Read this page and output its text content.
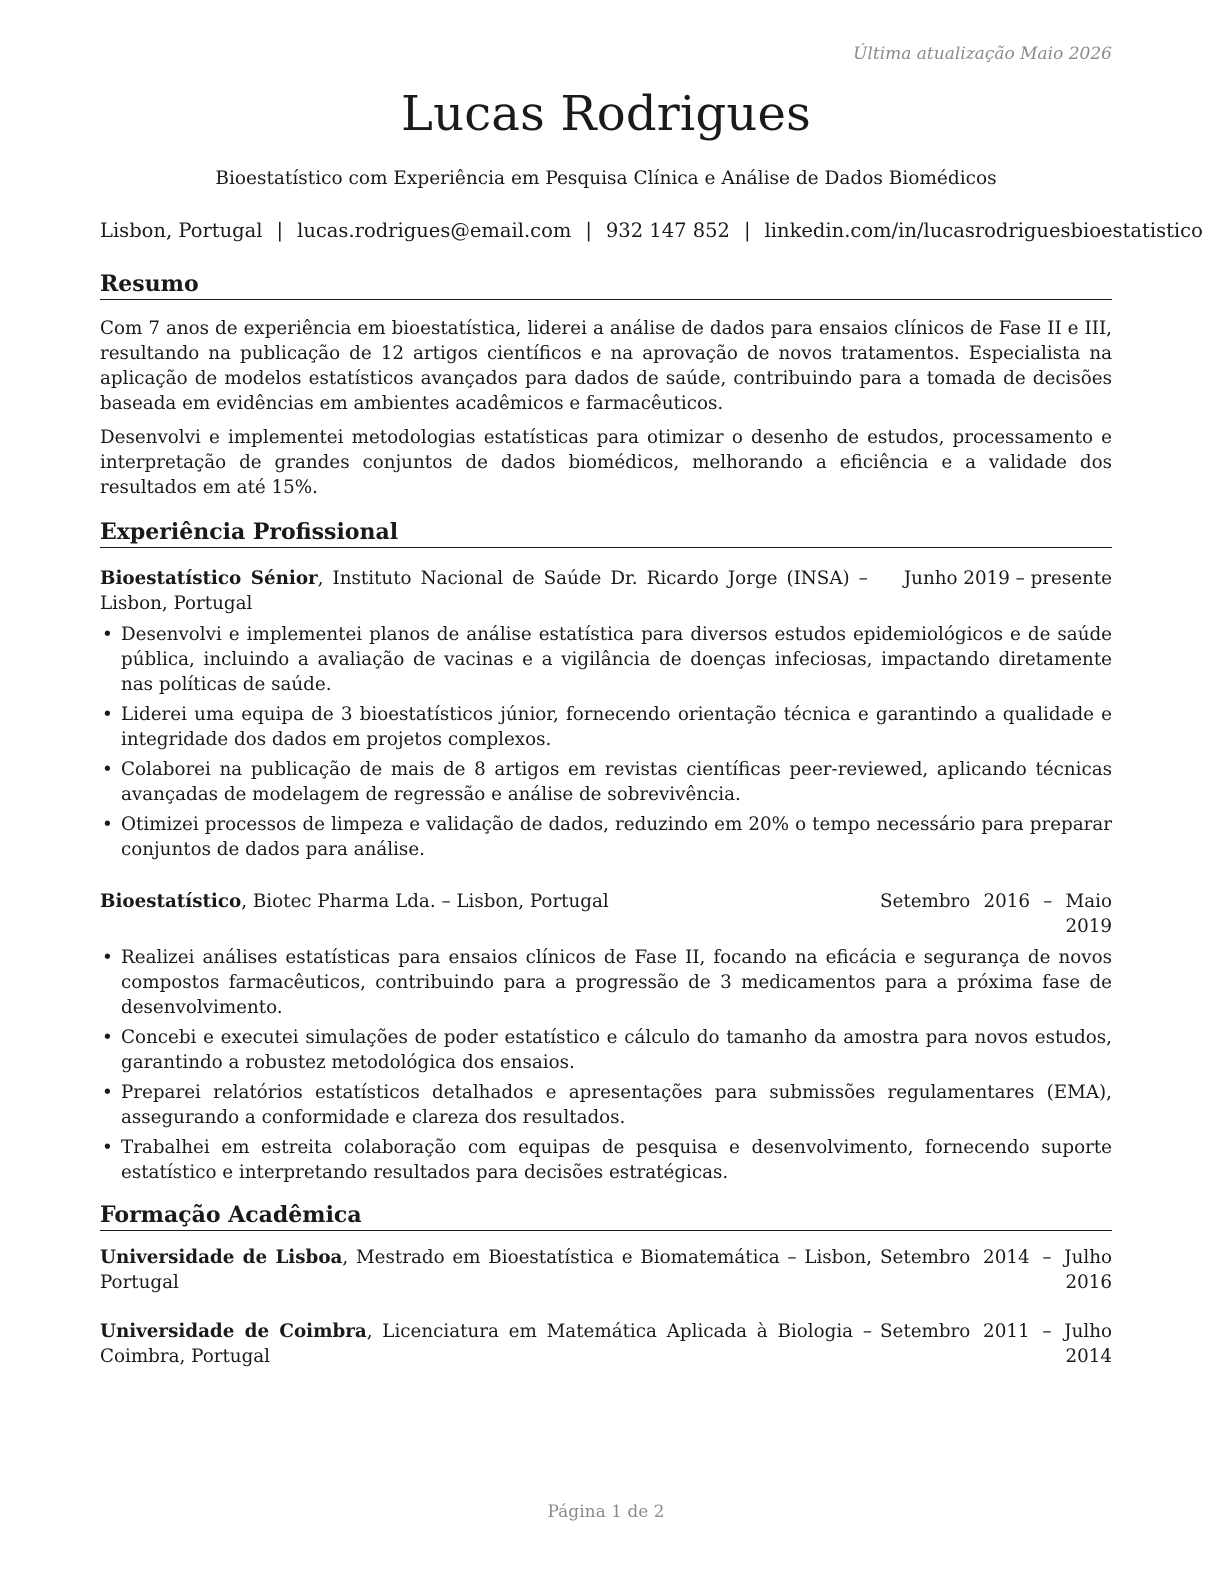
Última atualização Maio 2026
Lucas Rodrigues
Bioestatístico com Experiência em Pesquisa Clínica e Análise de Dados Biomédicos
Lisbon, Portugal | lucas.rodrigues@email.com | 932 147 852 | linkedin.com/in/lucasrodriguesbioestatistico
Resumo

Com 7 anos de experiência em bioestatística, liderei a análise de dados para ensaios clínicos de Fase II e III, resultando na publicação de 12 artigos científicos e na aprovação de novos tratamentos. Especialista na aplicação de modelos estatísticos avançados para dados de saúde, contribuindo para a tomada de decisões baseada em evidências em ambientes acadêmicos e farmacêuticos.

Desenvolvi e implementei metodologias estatísticas para otimizar o desenho de estudos, processamento e interpretação de grandes conjuntos de dados biomédicos, melhorando a eficiência e a validade dos resultados em até 15%.

Experiência Profissional
Bioestatístico Sénior, Instituto Nacional de Saúde Dr. Ricardo Jorge (INSA) – Lisbon, Portugal
Junho 2019 – presente
• Desenvolvi e implementei planos de análise estatística para diversos estudos epidemiológicos e de saúde pública, incluindo a avaliação de vacinas e a vigilância de doenças infeciosas, impactando diretamente nas políticas de saúde.
• Liderei uma equipa de 3 bioestatísticos júnior, fornecendo orientação técnica e garantindo a qualidade e integridade dos dados em projetos complexos.
• Colaborei na publicação de mais de 8 artigos em revistas científicas peer-reviewed, aplicando técnicas avançadas de modelagem de regressão e análise de sobrevivência.
• Otimizei processos de limpeza e validação de dados, reduzindo em 20% o tempo necessário para preparar conjuntos de dados para análise.
Bioestatístico, Biotec Pharma Lda. – Lisbon, Portugal	Setembro 2016 – Maio 2019
• Realizei análises estatísticas para ensaios clínicos de Fase II, focando na eficácia e segurança de novos compostos farmacêuticos, contribuindo para a progressão de 3 medicamentos para a próxima fase de desenvolvimento.
• Concebi e executei simulações de poder estatístico e cálculo do tamanho da amostra para novos estudos, garantindo a robustez metodológica dos ensaios.
• Preparei relatórios estatísticos detalhados e apresentações para submissões regulamentares (EMA), assegurando a conformidade e clareza dos resultados.
• Trabalhei em estreita colaboração com equipas de pesquisa e desenvolvimento, fornecendo suporte estatístico e interpretando resultados para decisões estratégicas.
Formação Acadêmica
Universidade de Lisboa, Mestrado em Bioestatística e Biomatemática – Lisbon, Portugal
Setembro 2014 – Julho 2016
Universidade de Coimbra, Licenciatura em Matemática Aplicada à Biologia – Coimbra, Portugal
Setembro 2011 – Julho 2014
Página 1 de 2
